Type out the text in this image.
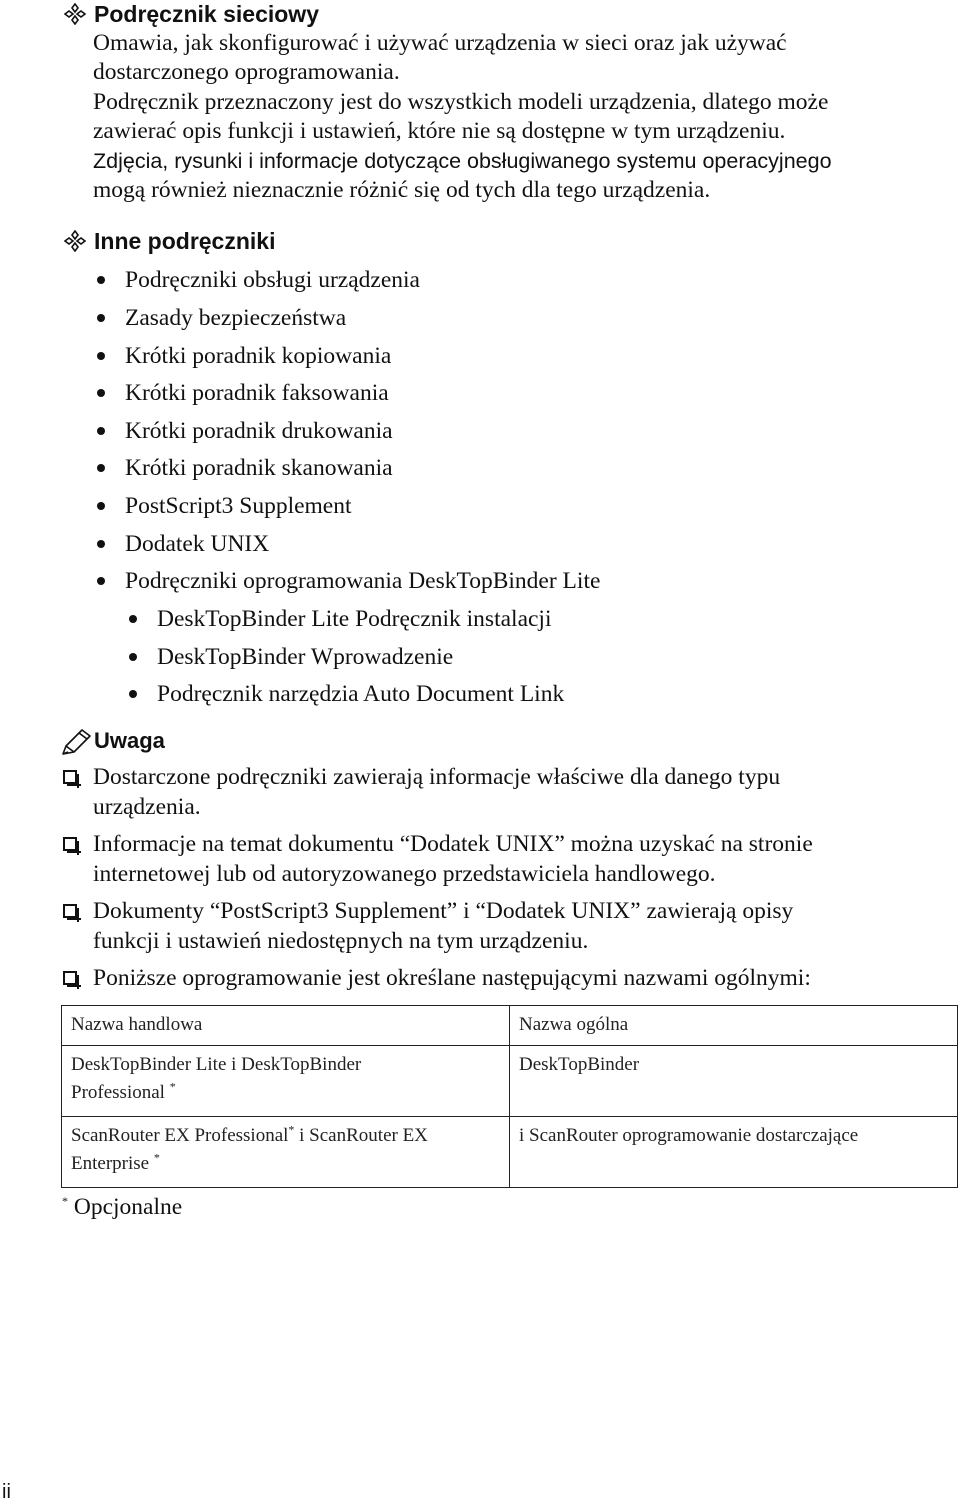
Podręcznik sieciowy
Omawia, jak skonfigurować i używać urządzenia w sieci oraz jak używać
dostarczonego oprogramowania.
Podręcznik przeznaczony jest do wszystkich modeli urządzenia, dlatego może
zawierać opis funkcji i ustawień, które nie są dostępne w tym urządzeniu.
Zdjęcia, rysunki i informacje dotyczące obsługiwanego systemu operacyjnego
mogą również nieznacznie różnić się od tych dla tego urządzenia.
Inne podręczniki
Podręczniki obsługi urządzenia
Zasady bezpieczeństwa
Krótki poradnik kopiowania
Krótki poradnik faksowania
Krótki poradnik drukowania
Krótki poradnik skanowania
PostScript3 Supplement
Dodatek UNIX
Podręczniki oprogramowania DeskTopBinder Lite
DeskTopBinder Lite Podręcznik instalacji
DeskTopBinder Wprowadzenie
Podręcznik narzędzia Auto Document Link
Uwaga
Dostarczone podręczniki zawierają informacje właściwe dla danego typu
urządzenia.
Informacje na temat dokumentu “Dodatek UNIX” można uzyskać na stronie
internetowej lub od autoryzowanego przedstawiciela handlowego.
Dokumenty “PostScript3 Supplement” i “Dodatek UNIX” zawierają opisy
funkcji i ustawień niedostępnych na tym urządzeniu.
Poniższe oprogramowanie jest określane następującymi nazwami ogólnymi:
Nazwa handlowa	Nazwa ogólna
DeskTopBinder Lite i DeskTopBinder
Professional *	DeskTopBinder
ScanRouter EX Professional* i ScanRouter EX
Enterprise *	i ScanRouter oprogramowanie dostarczające
* Opcjonalne
ii
